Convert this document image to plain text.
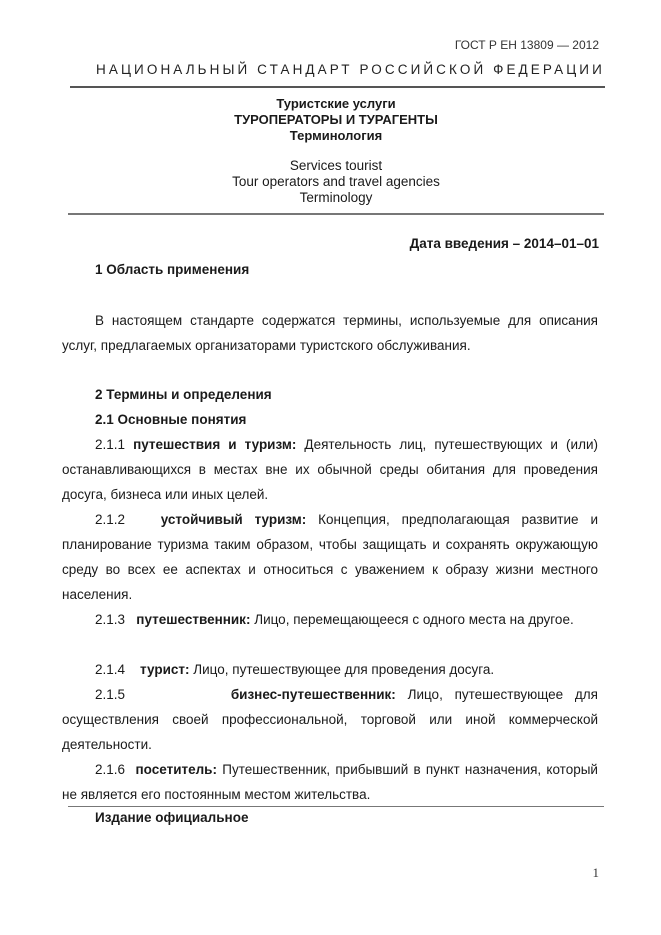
ГОСТ Р ЕН 13809 — 2012
НАЦИОНАЛЬНЫЙ СТАНДАРТ РОССИЙСКОЙ ФЕДЕРАЦИИ
Туристские услуги
ТУРОПЕРАТОРЫ И ТУРАГЕНТЫ
Терминология
Services tourist
Tour operators and travel agencies
Terminology
Дата введения – 2014–01–01
1 Область применения
В настоящем стандарте содержатся термины, используемые для описания услуг, предлагаемых организаторами туристского обслуживания.
2 Термины и определения
2.1 Основные понятия
2.1.1 путешествия и туризм: Деятельность лиц, путешествующих и (или) останавливающихся в местах вне их обычной среды обитания для проведения досуга, бизнеса или иных целей.
2.1.2	устойчивый туризм: Концепция, предполагающая развитие и планирование туризма таким образом, чтобы защищать и сохранять окружающую среду во всех ее аспектах и относиться с уважением к образу жизни местного населения.
2.1.3 путешественник: Лицо, перемещающееся с одного места на другое.
2.1.4 турист: Лицо, путешествующее для проведения досуга.
2.1.5	бизнес-путешественник: Лицо, путешествующее для осуществления своей профессиональной, торговой или иной коммерческой деятельности.
2.1.6 посетитель: Путешественник, прибывший в пункт назначения, который не является его постоянным местом жительства.
Издание официальное
1
